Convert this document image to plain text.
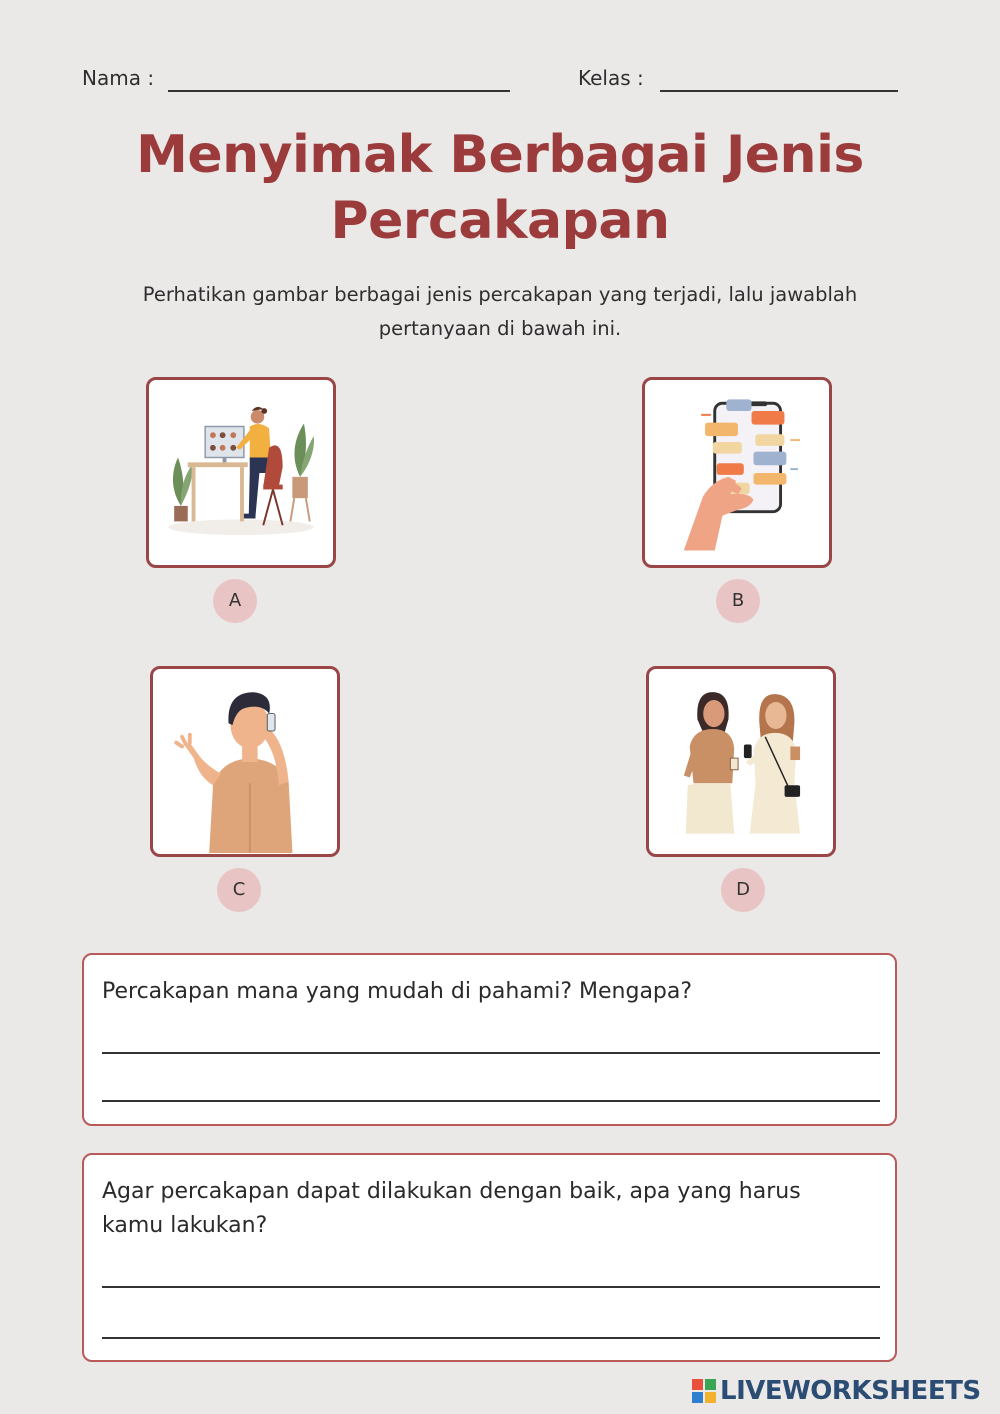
Nama :	Kelas :
Menyimak Berbagai Jenis
Percakapan
Perhatikan gambar berbagai jenis percakapan yang terjadi, lalu jawablah
pertanyaan di bawah ini.
A	B
C	D
Percakapan mana yang mudah di pahami? Mengapa?
Agar percakapan dapat dilakukan dengan baik, apa yang harus kamu lakukan?
LIVEWORKSHEETS
